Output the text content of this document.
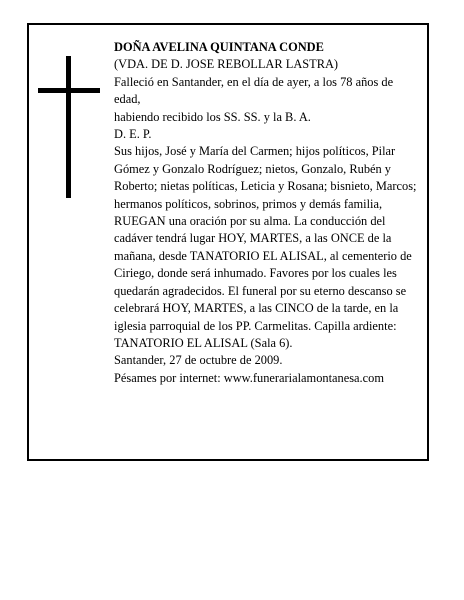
DOÑA AVELINA QUINTANA CONDE

(VDA. DE D. JOSE REBOLLAR LASTRA)

Falleció en Santander, en el día de ayer, a los 78 años de edad,

habiendo recibido los SS. SS. y la B. A.

D. E. P.

Sus hijos, José y María del Carmen; hijos políticos, Pilar Gómez y Gonzalo Rodríguez; nietos, Gonzalo, Rubén y Roberto; nietas políticas, Leticia y Rosana; bisnieto, Marcos; hermanos políticos, sobrinos, primos y demás familia,

RUEGAN una oración por su alma. La conducción del cadáver tendrá lugar HOY, MARTES, a las ONCE de la mañana, desde TANATORIO EL ALISAL, al cementerio de Ciriego, donde será inhumado. Favores por los cuales les quedarán agradecidos. El funeral por su eterno descanso se celebrará HOY, MARTES, a las CINCO de la tarde, en la iglesia parroquial de los PP. Carmelitas. Capilla ardiente: TANATORIO EL ALISAL (Sala 6).

Santander, 27 de octubre de 2009.

Pésames por internet: www.funerarialamontanesa.com
